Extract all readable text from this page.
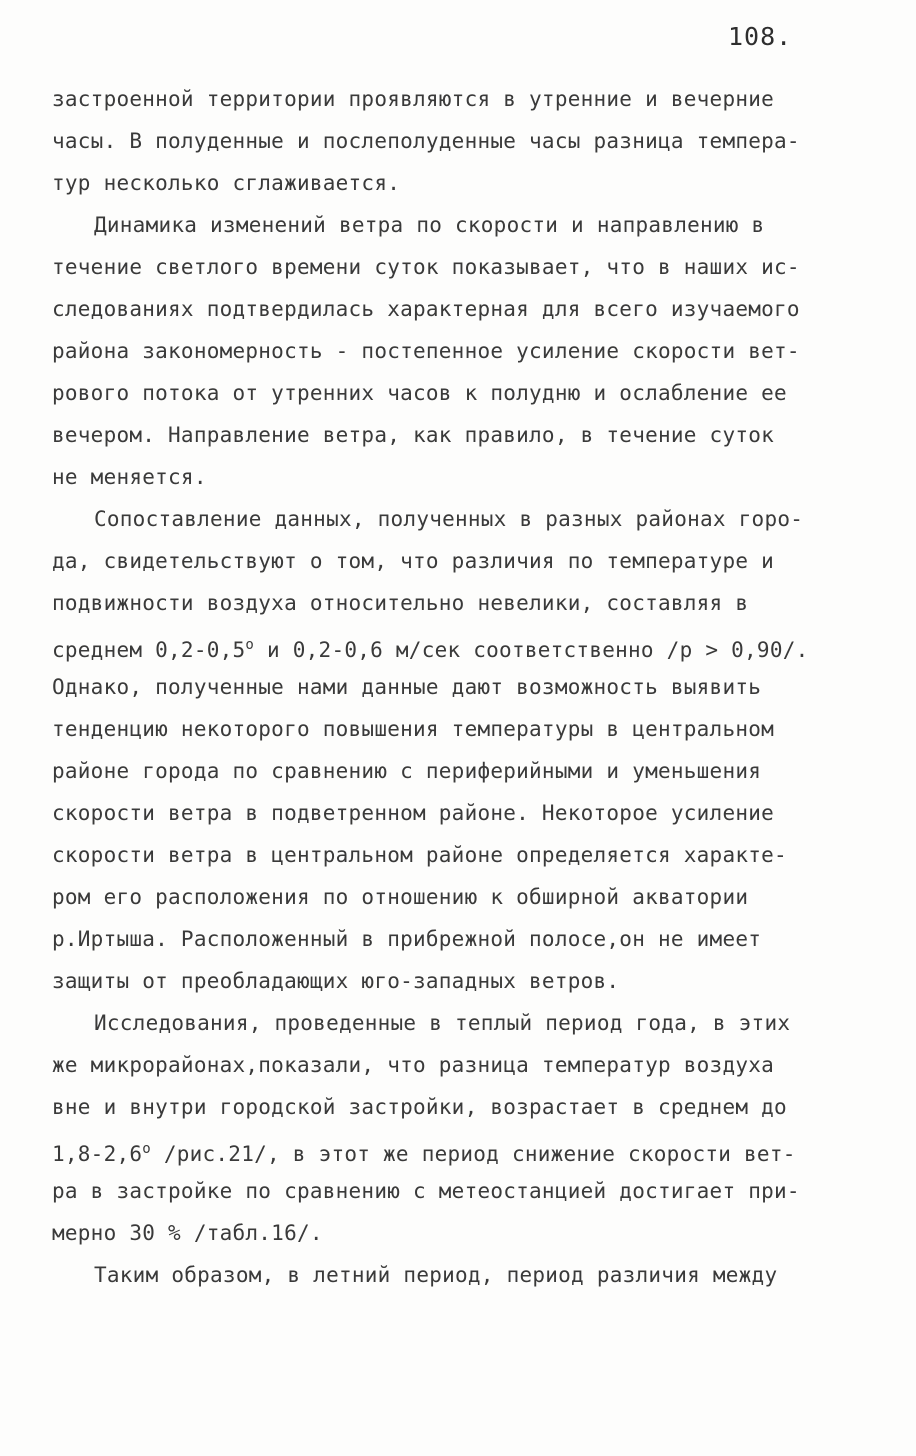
108.
застроенной территории проявляются в утренние и вечерние
часы. В полуденные и послеполуденные часы разница темпера-
тур несколько сглаживается.
Динамика изменений ветра по скорости и направлению в
течение светлого времени суток показывает, что в наших ис-
следованиях подтвердилась характерная для всего изучаемого
района закономерность - постепенное усиление скорости вет-
рового потока от утренних часов к полудню и ослабление ее
вечером. Направление ветра, как правило, в течение суток
не меняется.
Сопоставление данных, полученных в разных районах горо-
да, свидетельствуют о том, что различия по температуре и
подвижности воздуха относительно невелики, составляя в
среднем 0,2-0,5$^o$ и 0,2-0,6 м/сек соответственно /р > 0,90/.
Однако, полученные нами данные дают возможность выявить
тенденцию некоторого повышения температуры в центральном
районе города по сравнению с периферийными и уменьшения
скорости ветра в подветренном районе. Некоторое усиление
скорости ветра в центральном районе определяется характе-
ром его расположения по отношению к обширной акватории
р.Иртыша. Расположенный в прибрежной полосе,он не имеет
защиты от преобладающих юго-западных ветров.
Исследования, проведенные в теплый период года, в этих
же микрорайонах,показали, что разница температур воздуха
вне и внутри городской застройки, возрастает в среднем до
1,8-2,6$^o$ /рис.21/, в этот же период снижение скорости вет-
ра в застройке по сравнению с метеостанцией достигает при-
мерно 30 % /табл.16/.
Таким образом, в летний период, период различия между
